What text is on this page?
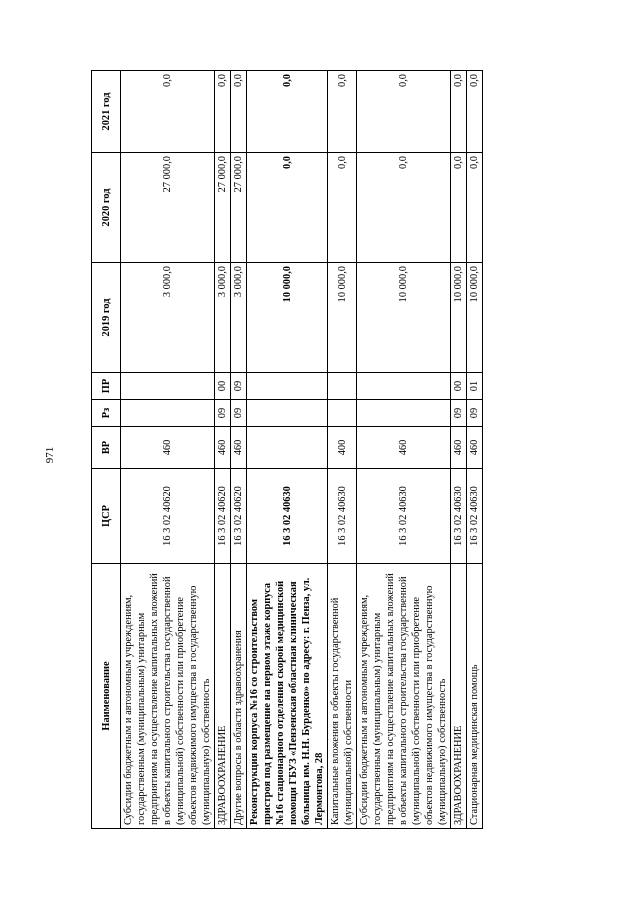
971
Наименование	ЦСР	ВР	Рз	ПР	2019 год	2020 год	2021 год
Субсидии бюджетным и автономным учреждениям, государственным (муниципальным) унитарным предприятиям на осуществление капитальных вложений в объекты капитального строительства государственной (муниципальной) собственности или приобретение объектов недвижимого имущества в государственную (муниципальную) собственность	16 3 02 40620	460			3 000,0	27 000,0	0,0
ЗДРАВООХРАНЕНИЕ	16 3 02 40620	460	09	00	3 000,0	27 000,0	0,0
Другие вопросы в области здравоохранения	16 3 02 40620	460	09	09	3 000,0	27 000,0	0,0
Реконструкция корпуса №16 со строительством пристроя под размещение на первом этаже корпуса №16 стационарного отделения скорой медицинской помощи ГБУЗ «Пензенская областная клиническая больница им. Н.Н. Бурденко» по адресу: г. Пенза, ул. Лермонтова, 28	16 3 02 40630				10 000,0	0,0	0,0
Капитальные вложения в объекты государственной (муниципальной) собственности	16 3 02 40630	400			10 000,0	0,0	0,0
Субсидии бюджетным и автономным учреждениям, государственным (муниципальным) унитарным предприятиям на осуществление капитальных вложений в объекты капитального строительства государственной (муниципальной) собственности или приобретение объектов недвижимого имущества в государственную (муниципальную) собственность	16 3 02 40630	460			10 000,0	0,0	0,0
ЗДРАВООХРАНЕНИЕ	16 3 02 40630	460	09	00	10 000,0	0,0	0,0
Стационарная медицинская помощь	16 3 02 40630	460	09	01	10 000,0	0,0	0,0
